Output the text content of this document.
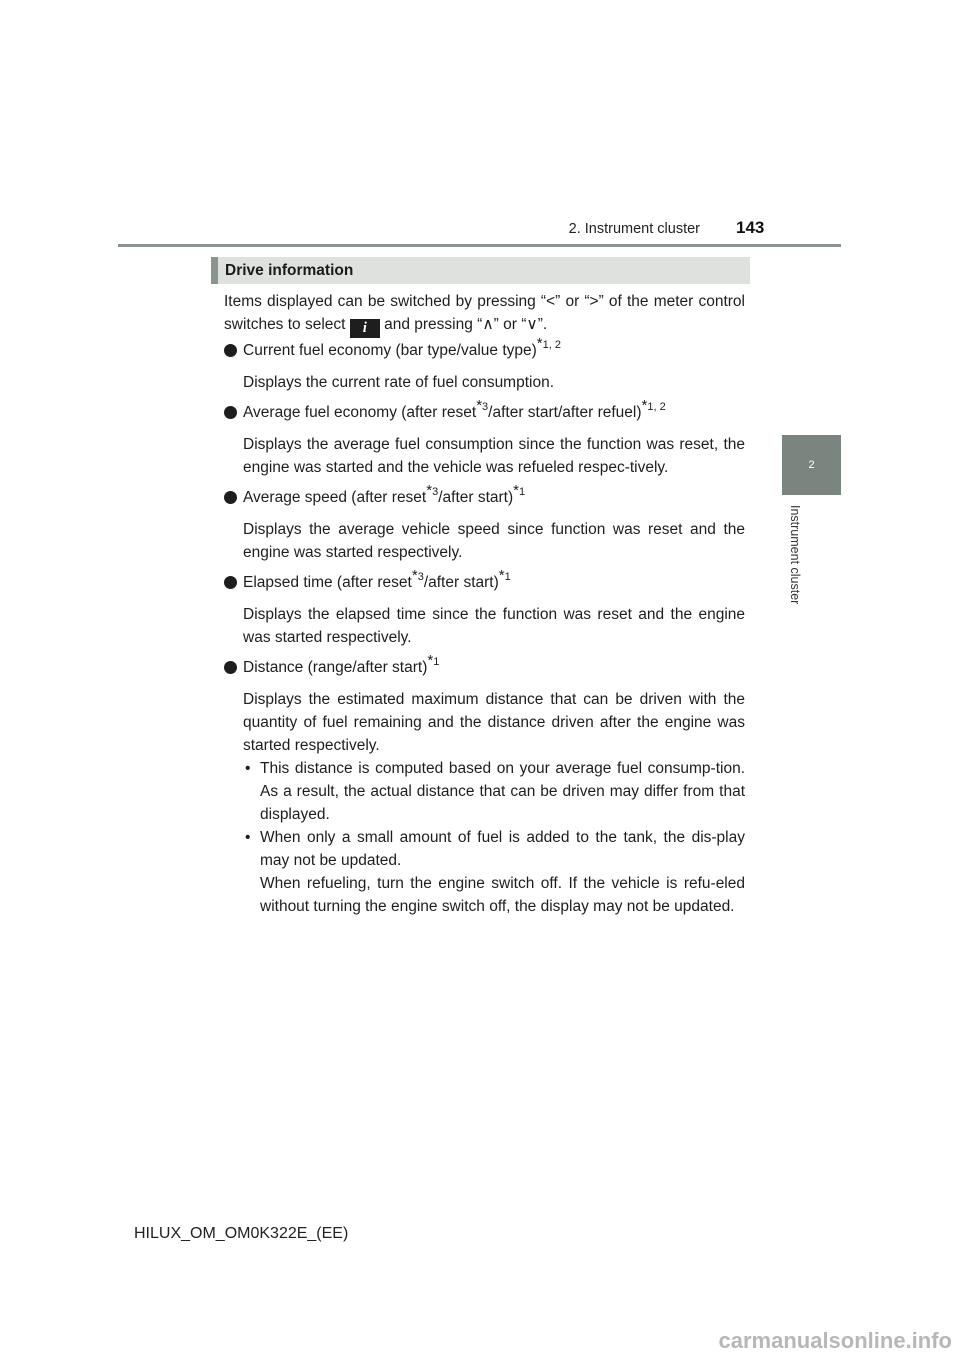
2. Instrument cluster 143
2
Instrument cluster
Drive information

Items displayed can be switched by pressing “<” or “>” of the meter control switches to select i and pressing “∧” or “∨”.

Current fuel economy (bar type/value type)$^{*1, 2}$
Displays the current rate of fuel consumption.
Average fuel economy (after reset$^{*3}$/after start/after refuel)$^{*1, 2}$
Displays the average fuel consumption since the function was reset, the engine was started and the vehicle was refueled respec-tively.
Average speed (after reset$^{*3}$/after start)$^{*1}$
Displays the average vehicle speed since function was reset and the engine was started respectively.
Elapsed time (after reset$^{*3}$/after start)$^{*1}$
Displays the elapsed time since the function was reset and the engine was started respectively.
Distance (range/after start)$^{*1}$
Displays the estimated maximum distance that can be driven with the quantity of fuel remaining and the distance driven after the engine was started respectively.
• This distance is computed based on your average fuel consump-tion. As a result, the actual distance that can be driven may differ from that displayed.
• When only a small amount of fuel is added to the tank, the dis-play may not be updated.
When refueling, turn the engine switch off. If the vehicle is refu-eled without turning the engine switch off, the display may not be updated.
HILUX_OM_OM0K322E_(EE)
carmanualsonline.info
